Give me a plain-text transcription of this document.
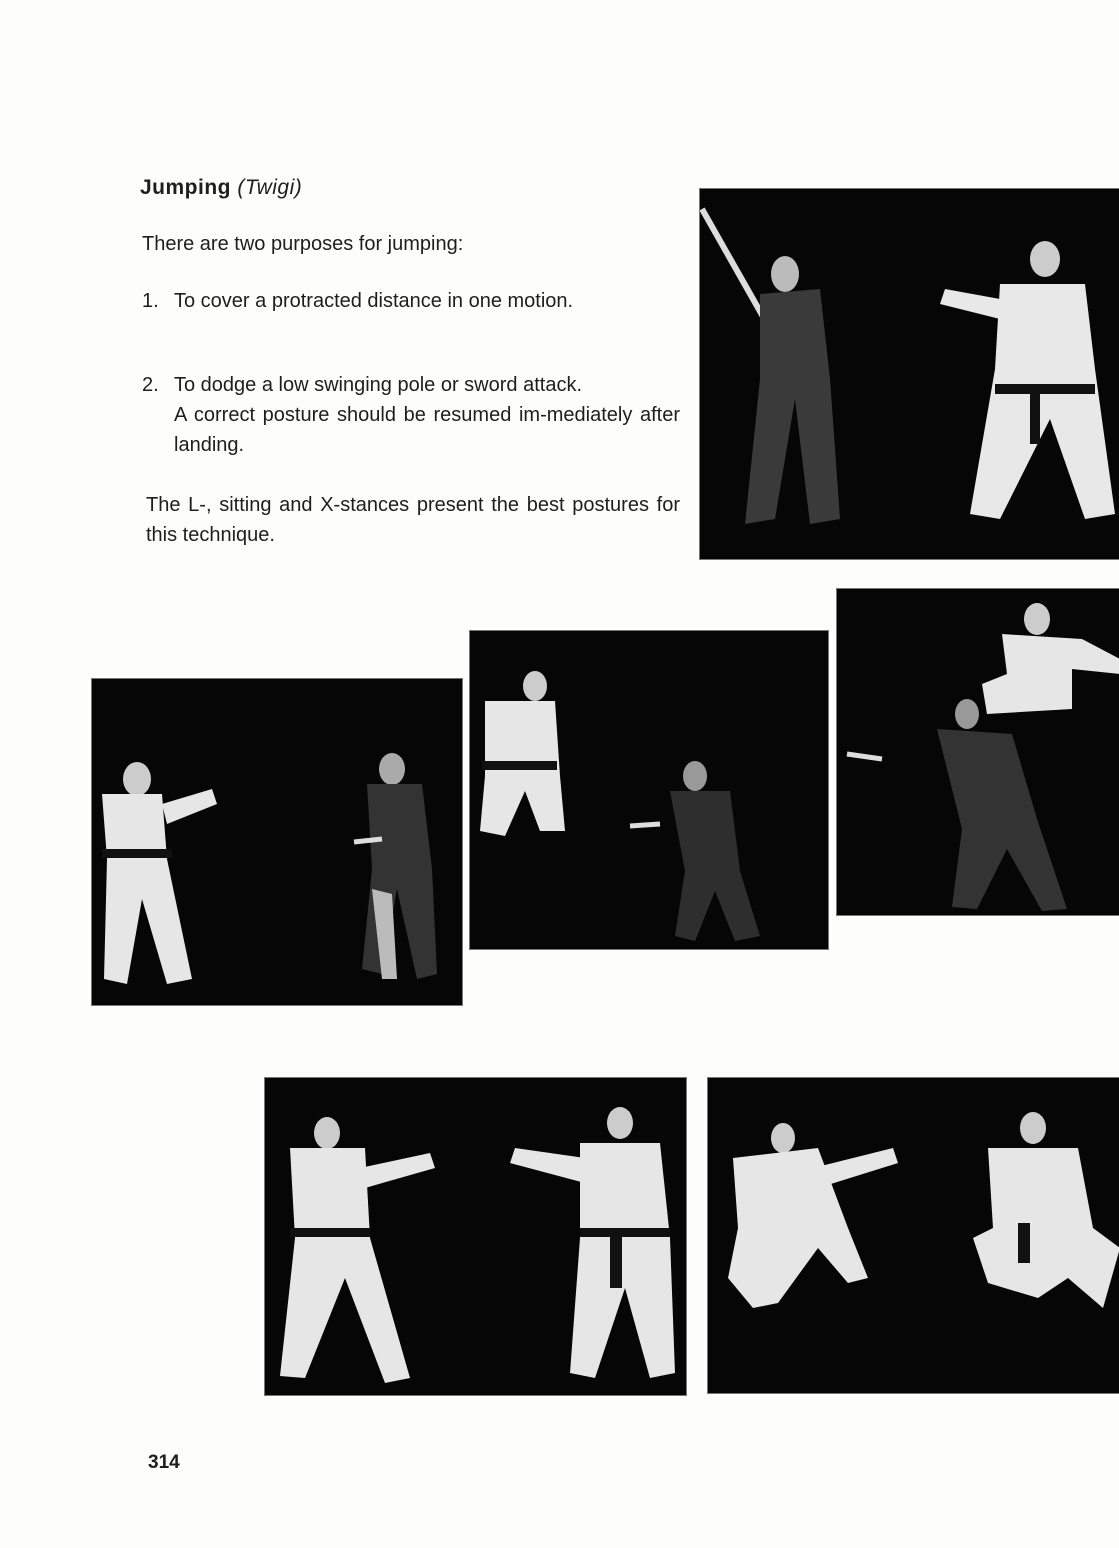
Jumping (Twigi)
There are two purposes for jumping:
1. To cover a protracted distance in one motion.
2. To dodge a low swinging pole or sword attack.
A correct posture should be resumed im-mediately after landing.
The L-, sitting and X-stances present the best postures for this technique.
314
